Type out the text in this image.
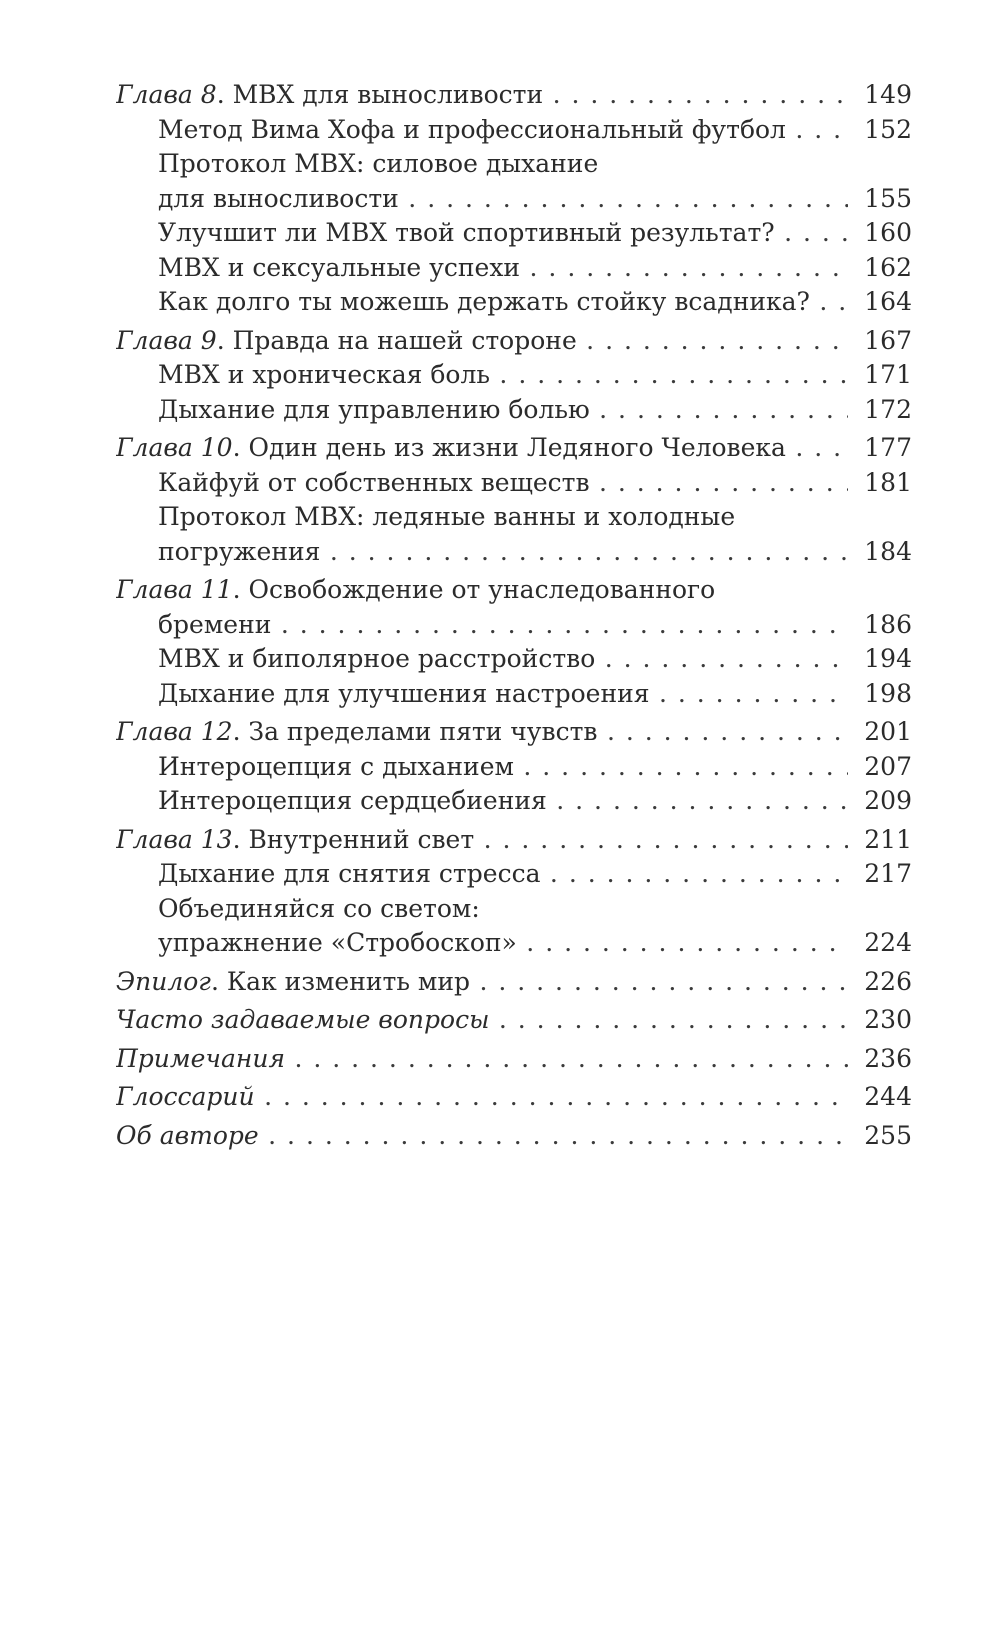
Глава 8. МВХ для выносливости . . .	149
Метод Вима Хофа и профессиональный футбол . . .	152
Протокол МВХ: силовое дыхание
для выносливости . . .	155
Улучшит ли МВХ твой спортивный результат? . . .	160
МВХ и сексуальные успехи . . .	162
Как долго ты можешь держать стойку всадника? . . .	164
Глава 9. Правда на нашей стороне . . .	167
МВХ и хроническая боль . . .	171
Дыхание для управлению болью . . .	172
Глава 10. Один день из жизни Ледяного Человека . . .	177
Кайфуй от собственных веществ . . .	181
Протокол МВХ: ледяные ванны и холодные
погружения . . .	184
Глава 11. Освобождение от унаследованного
бремени . . .	186
МВХ и биполярное расстройство . . .	194
Дыхание для улучшения настроения . . .	198
Глава 12. За пределами пяти чувств . . .	201
Интероцепция с дыханием . . .	207
Интероцепция сердцебиения . . .	209
Глава 13. Внутренний свет . . .	211
Дыхание для снятия стресса . . .	217
Объединяйся со светом:
упражнение «Стробоскоп» . . .	224
Эпилог. Как изменить мир . . .	226
Часто задаваемые вопросы . . .	230
Примечания . . .	236
Глоссарий . . .	244
Об авторе . . .	255
